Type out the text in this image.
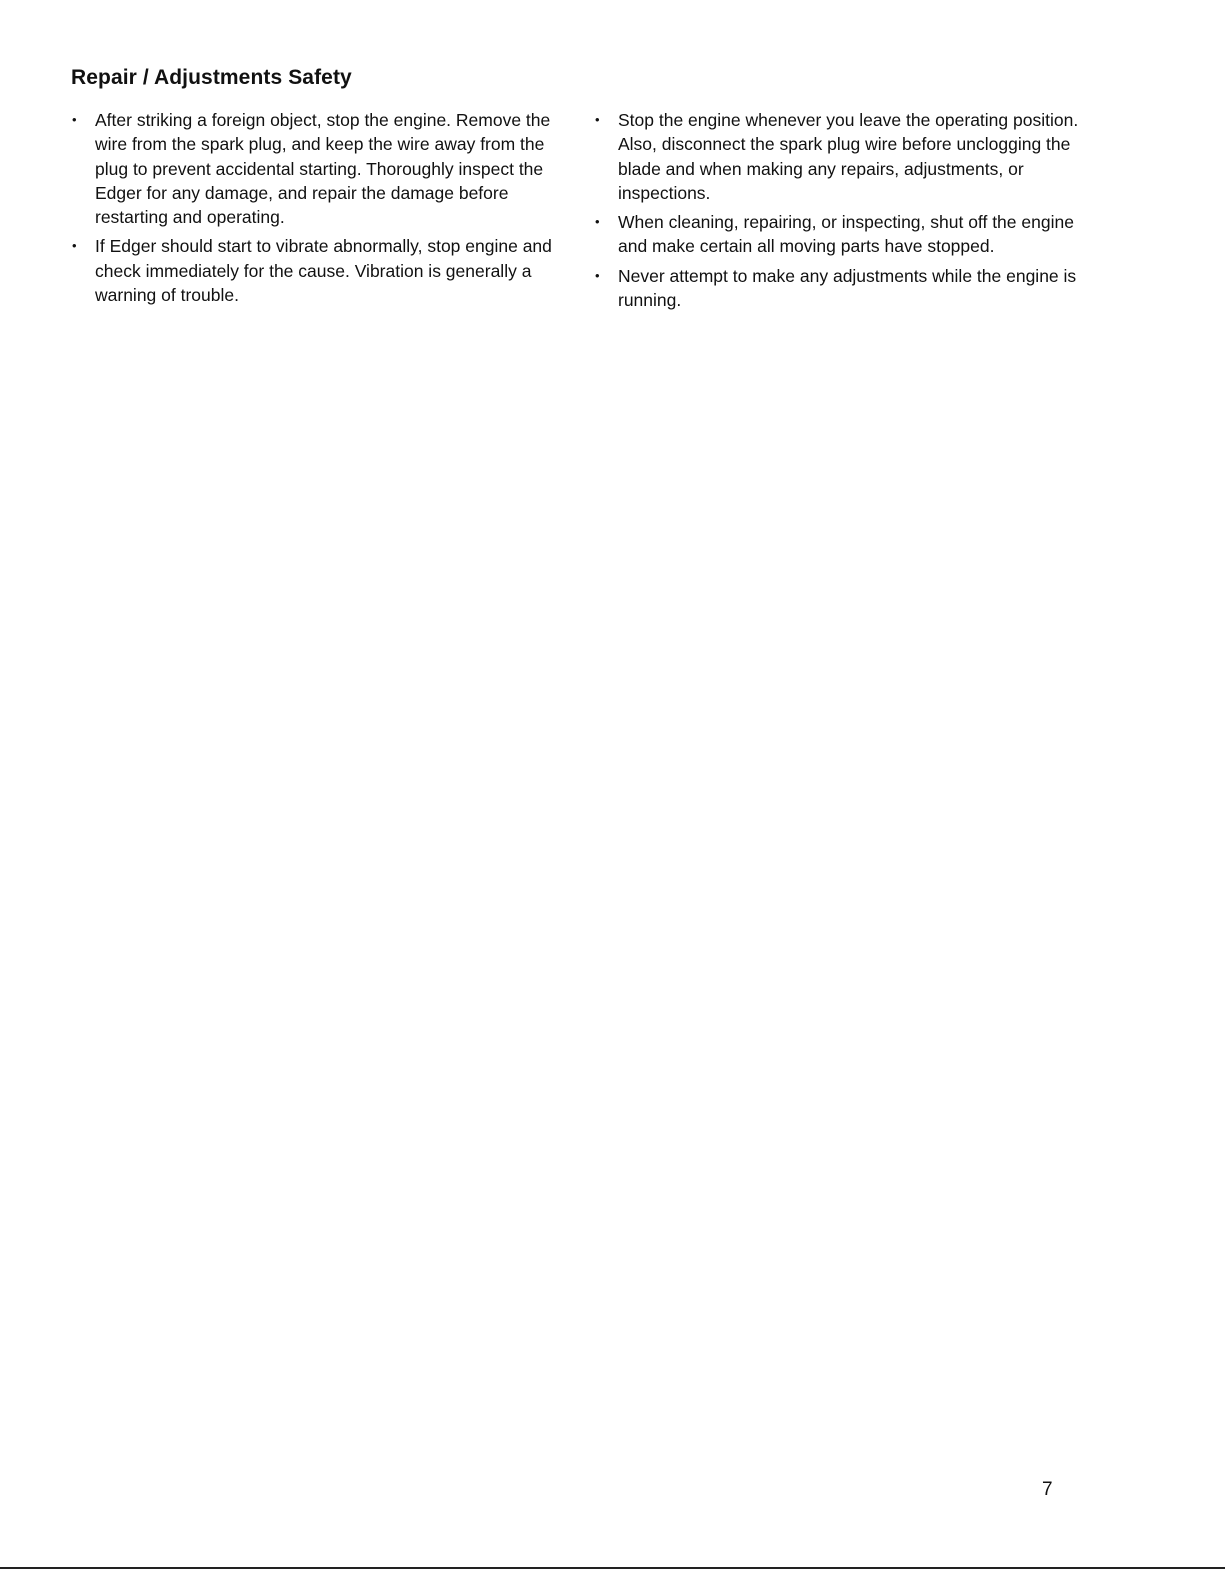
Repair / Adjustments Safety
• After striking a foreign object, stop the engine. Remove the wire from the spark plug, and keep the wire away from the plug to prevent accidental starting. Thoroughly inspect the Edger for any damage, and repair the damage before restarting and operating.
• If Edger should start to vibrate abnormally, stop engine and check immediately for the cause. Vibration is generally a warning of trouble.
• Stop the engine whenever you leave the operating position. Also, disconnect the spark plug wire before unclogging the blade and when making any repairs, adjustments, or inspections.
• When cleaning, repairing, or inspecting, shut off the engine and make certain all moving parts have stopped.
• Never attempt to make any adjustments while the engine is running.
7
